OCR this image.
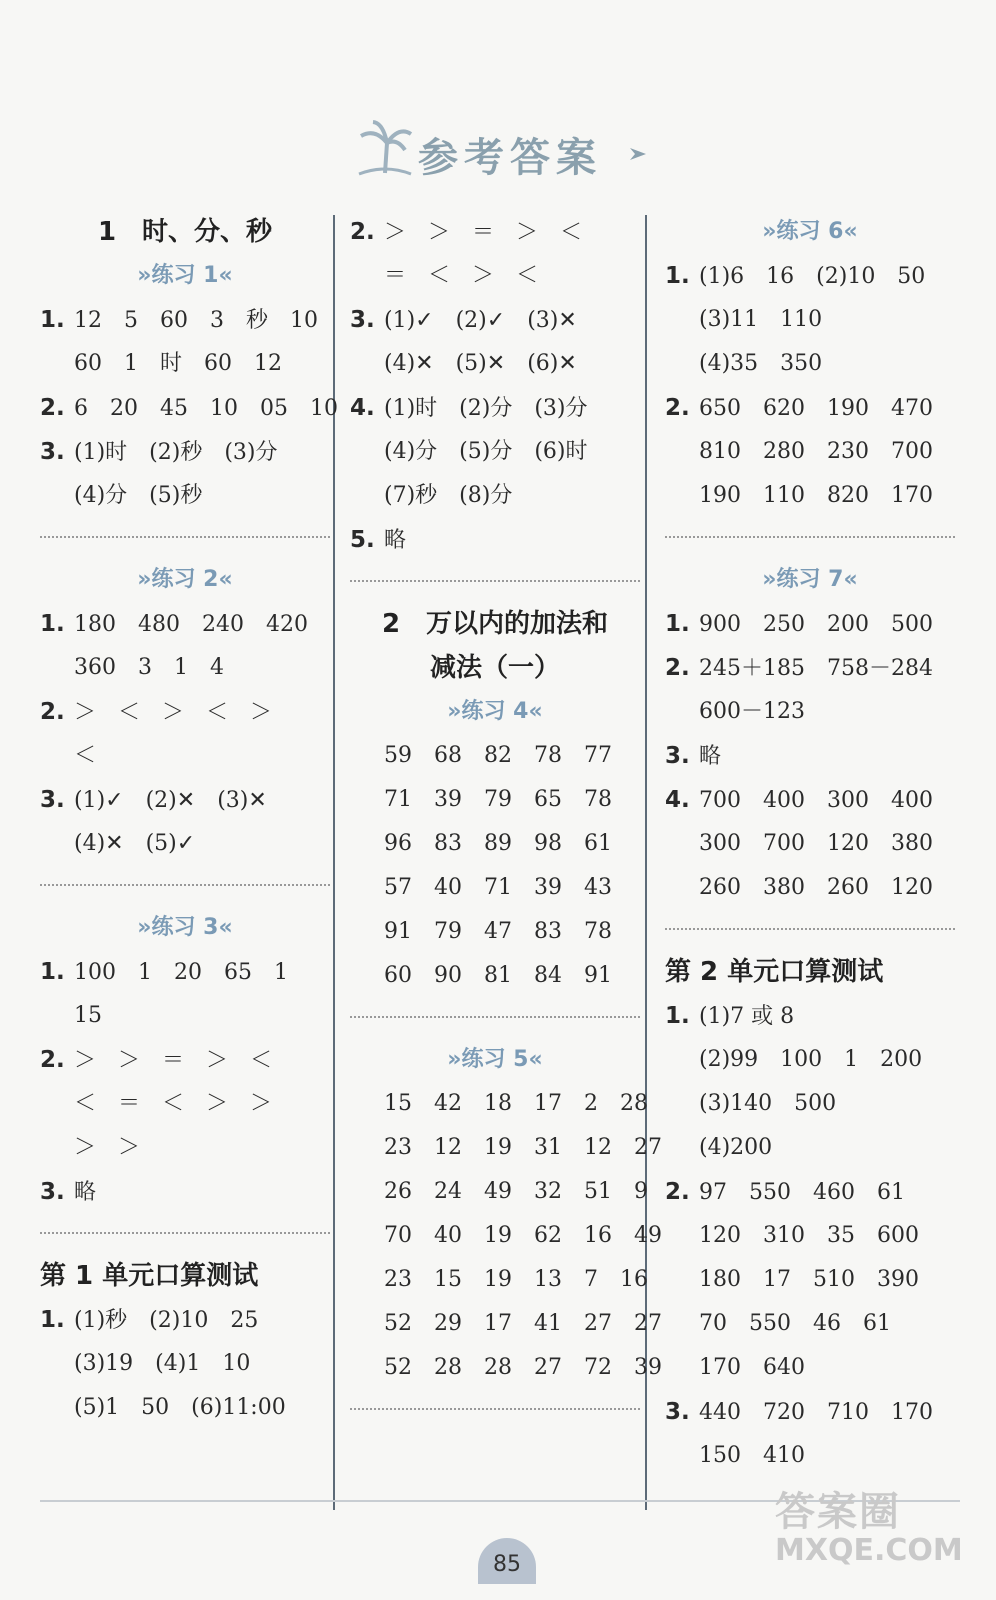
参考答案
1　时、分、秒
»练习 1«
1. 12　5　60　3　秒　10
60　1　时　60　12
2. 6　20　45　10　05　10
3. (1)时　(2)秒　(3)分
(4)分　(5)秒
»练习 2«
1. 180　480　240　420
360　3　1　4
2. ＞　＜　＞　＜　＞
＜
3. (1)✓　(2)✕　(3)✕
(4)✕　(5)✓
»练习 3«
1. 100　1　20　65　1
15
2. ＞　＞　＝　＞　＜
＜　＝　＜　＞　＞
＞　＞
3. 略
第 1 单元口算测试
1. (1)秒　(2)10　25
(3)19　(4)1　10
(5)1　50　(6)11:00
2. ＞　＞　＝　＞　＜
＝　＜　＞　＜
3. (1)✓　(2)✓　(3)✕
(4)✕　(5)✕　(6)✕
4. (1)时　(2)分　(3)分
(4)分　(5)分　(6)时
(7)秒　(8)分
5. 略
2　万以内的加法和
减法（一）
»练习 4«
59　68　82　78　77
71　39　79　65　78
96　83　89　98　61
57　40　71　39　43
91　79　47　83　78
60　90　81　84　91
»练习 5«
15　42　18　17　2　28
23　12　19　31　12　27
26　24　49　32　51　9
70　40　19　62　16　49
23　15　19　13　7　16
52　29　17　41　27　27
52　28　28　27　72　39
»练习 6«
1. (1)6　16　(2)10　50
(3)11　110
(4)35　350
2. 650　620　190　470
810　280　230　700
190　110　820　170
»练习 7«
1. 900　250　200　500
2. 245＋185　758－284
600－123
3. 略
4. 700　400　300　400
300　700　120　380
260　380　260　120
第 2 单元口算测试
1. (1)7 或 8
(2)99　100　1　200
(3)140　500
(4)200
2. 97　550　460　61
120　310　35　600
180　17　510　390
70　550　46　61
170　640
3. 440　720　710　170
150　410
85
答案圈
MXQE.COM
